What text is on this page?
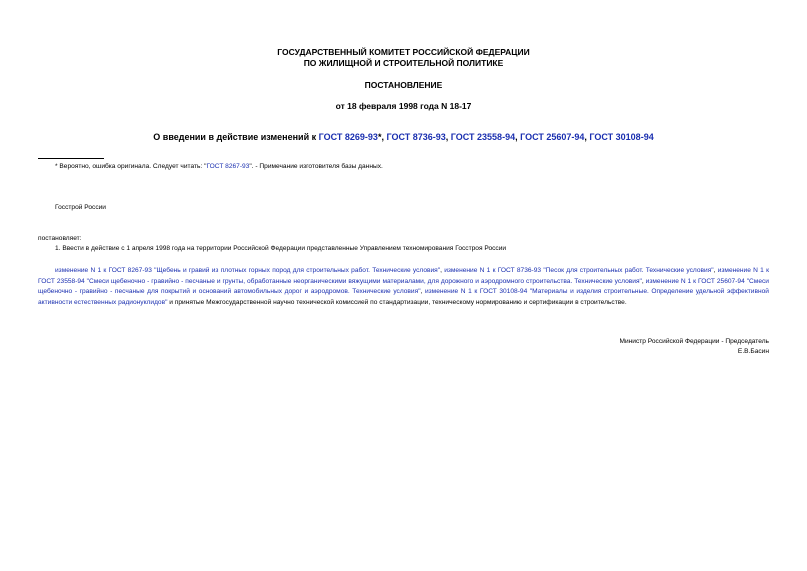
ГОСУДАРСТВЕННЫЙ КОМИТЕТ РОССИЙСКОЙ ФЕДЕРАЦИИ
ПО ЖИЛИЩНОЙ И СТРОИТЕЛЬНОЙ ПОЛИТИКЕ
ПОСТАНОВЛЕНИЕ
от 18 февраля 1998 года N 18-17
О введении в действие изменений к ГОСТ 8269-93*, ГОСТ 8736-93, ГОСТ 23558-94, ГОСТ 25607-94, ГОСТ 30108-94
* Вероятно, ошибка оригинала. Следует читать: "ГОСТ 8267-93". - Примечание изготовителя базы данных.
Госстрой России
постановляет:
1. Ввести в действие с 1 апреля 1998 года на территории Российской Федерации представленные Управлением техномирования Госстроя России
изменение N 1 к ГОСТ 8267-93 "Щебень и гравий из плотных горных пород для строительных работ. Технические условия", изменение N 1 к ГОСТ 8736-93 "Песок для строительных работ. Технические условия", изменение N 1 к ГОСТ 23558-94 "Смеси щебеночно - гравийно - песчаные и грунты, обработанные неорганическими вяжущими материалами, для дорожного и аэродромного строительства. Технические условия", изменение N 1 к ГОСТ 25607-94 "Смеси щебеночно - гравийно - песчаные для покрытий и оснований автомобильных дорог и аэродромов. Технические условия", изменение N 1 к ГОСТ 30108-94 "Материалы и изделия строительные. Определение удельной эффективной активности естественных радионуклидов" и принятые Межгосударственной научно технической комиссией по стандартизации, техническому нормированию и сертификации в строительстве.
Министр Российской Федерации - Председатель
Е.В.Басин
